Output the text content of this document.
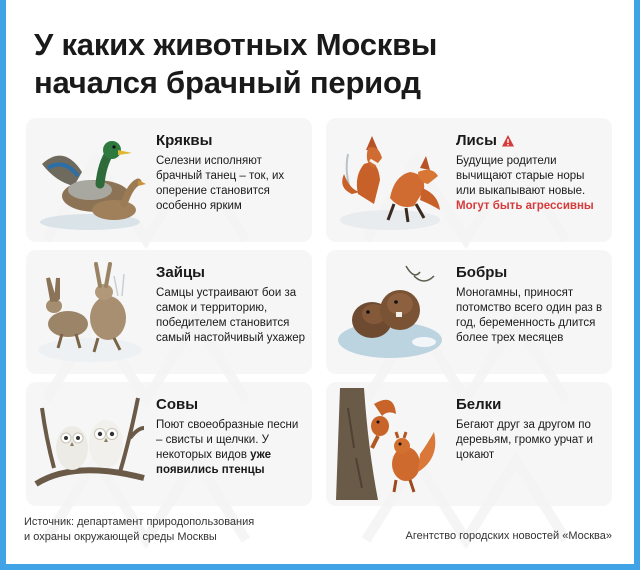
У каких животных Москвы
начался брачный период
Кряквы

Селезни исполняют брачный танец – ток, их оперение становится особенно ярким

Лисы

Будущие родители вычищают старые норы или выкапывают новые.
Могут быть агрессивны

Зайцы

Самцы устраивают бои за самок и территорию, победителем становится самый настойчивый ухажер

Бобры

Моногамны, приносят потомство всего один раз в год, беременность длится более трех месяцев

Совы

Поют своеобразные песни – свисты и щелчки. У некоторых видов уже появились птенцы

Белки

Бегают друг за другом по деревьям, громко урчат и цокают

Источник: департамент природопользования
и охраны окружающей среды Москвы	Агентство городских новостей «Москва»
